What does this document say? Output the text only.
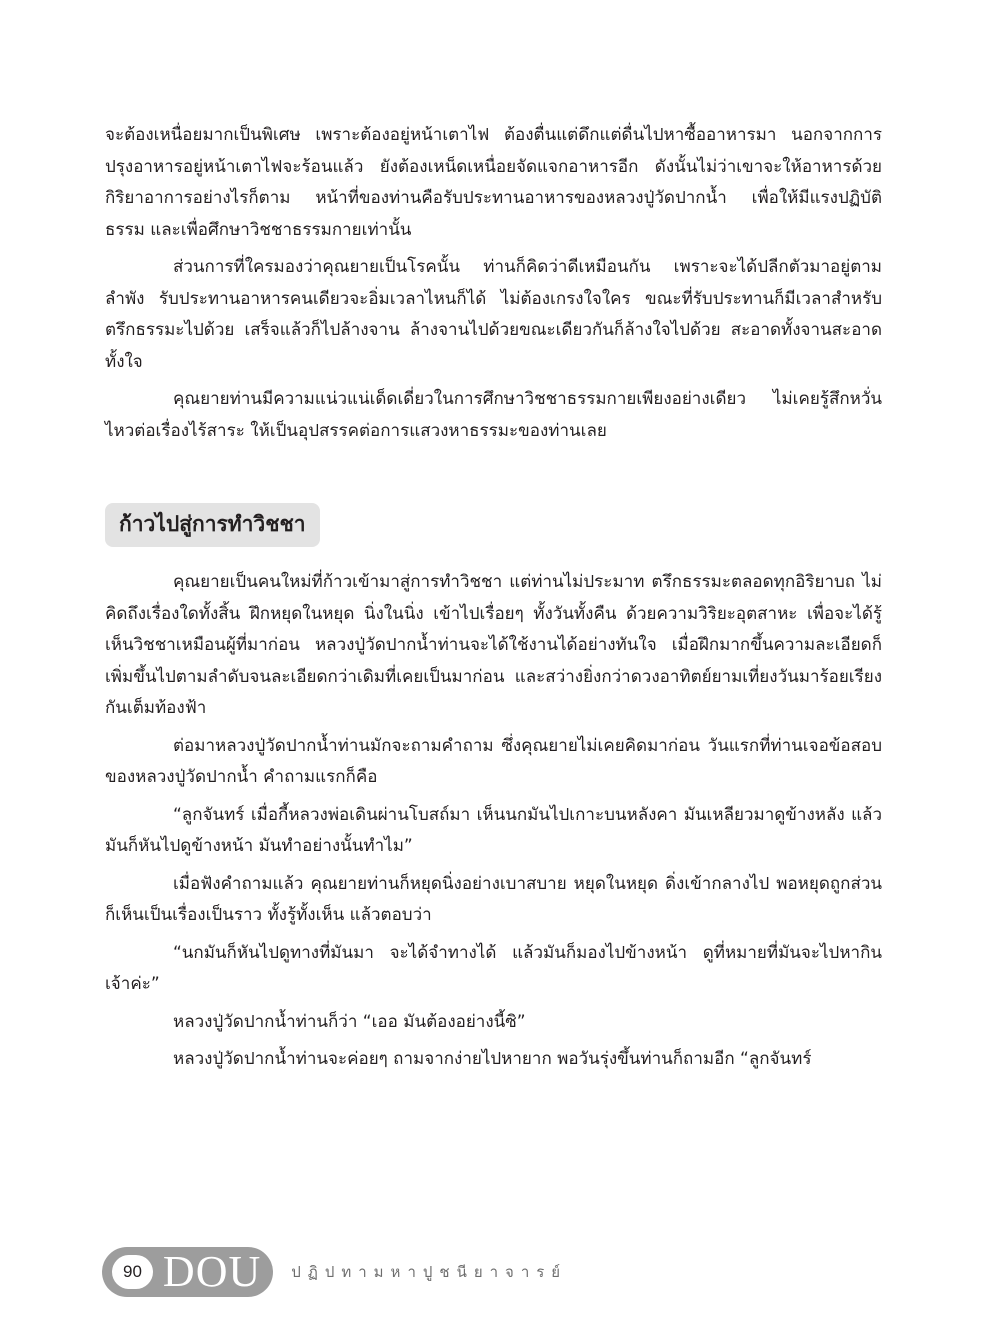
จะต้องเหนื่อยมากเป็นพิเศษ เพราะต้องอยู่หน้าเตาไฟ ต้องตื่นแต่ดึกแต่ดื่นไปหาซื้ออาหารมา นอกจากการปรุงอาหารอยู่หน้าเตาไฟจะร้อนแล้ว ยังต้องเหน็ดเหนื่อยจัดแจกอาหารอีก ดังนั้นไม่ว่าเขาจะให้อาหารด้วยกิริยาอาการอย่างไรก็ตาม หน้าที่ของท่านคือรับประทานอาหารของหลวงปู่วัดปากน้ำ เพื่อให้มีแรงปฏิบัติธรรม และเพื่อศึกษาวิชชาธรรมกายเท่านั้น

ส่วนการที่ใครมองว่าคุณยายเป็นโรคนั้น ท่านก็คิดว่าดีเหมือนกัน เพราะจะได้ปลีกตัวมาอยู่ตามลำพัง รับประทานอาหารคนเดียวจะอิ่มเวลาไหนก็ได้ ไม่ต้องเกรงใจใคร ขณะที่รับประทานก็มีเวลาสำหรับตรึกธรรมะไปด้วย เสร็จแล้วก็ไปล้างจาน ล้างจานไปด้วยขณะเดียวกันก็ล้างใจไปด้วย สะอาดทั้งจานสะอาดทั้งใจ

คุณยายท่านมีความแน่วแน่เด็ดเดี่ยวในการศึกษาวิชชาธรรมกายเพียงอย่างเดียว ไม่เคยรู้สึกหวั่นไหวต่อเรื่องไร้สาระ ให้เป็นอุปสรรคต่อการแสวงหาธรรมะของท่านเลย

ก้าวไปสู่การทำวิชชา

คุณยายเป็นคนใหม่ที่ก้าวเข้ามาสู่การทำวิชชา แต่ท่านไม่ประมาท ตรึกธรรมะตลอดทุกอิริยาบถ ไม่คิดถึงเรื่องใดทั้งสิ้น ฝึกหยุดในหยุด นิ่งในนิ่ง เข้าไปเรื่อยๆ ทั้งวันทั้งคืน ด้วยความวิริยะอุตสาหะ เพื่อจะได้รู้เห็นวิชชาเหมือนผู้ที่มาก่อน หลวงปู่วัดปากน้ำท่านจะได้ใช้งานได้อย่างทันใจ เมื่อฝึกมากขึ้นความละเอียดก็เพิ่มขึ้นไปตามลำดับจนละเอียดกว่าเดิมที่เคยเป็นมาก่อน และสว่างยิ่งกว่าดวงอาทิตย์ยามเที่ยงวันมาร้อยเรียงกันเต็มท้องฟ้า

ต่อมาหลวงปู่วัดปากน้ำท่านมักจะถามคำถาม ซึ่งคุณยายไม่เคยคิดมาก่อน วันแรกที่ท่านเจอข้อสอบของหลวงปู่วัดปากน้ำ คำถามแรกก็คือ

“ลูกจันทร์ เมื่อกี้หลวงพ่อเดินผ่านโบสถ์มา เห็นนกมันไปเกาะบนหลังคา มันเหลียวมาดูข้างหลัง แล้วมันก็หันไปดูข้างหน้า มันทำอย่างนั้นทำไม”

เมื่อฟังคำถามแล้ว คุณยายท่านก็หยุดนิ่งอย่างเบาสบาย หยุดในหยุด ดิ่งเข้ากลางไป พอหยุดถูกส่วนก็เห็นเป็นเรื่องเป็นราว ทั้งรู้ทั้งเห็น แล้วตอบว่า

“นกมันก็หันไปดูทางที่มันมา จะได้จำทางได้ แล้วมันก็มองไปข้างหน้า ดูที่หมายที่มันจะไปหากินเจ้าค่ะ”

หลวงปู่วัดปากน้ำท่านก็ว่า “เออ มันต้องอย่างนี้ซิ”

หลวงปู่วัดปากน้ำท่านจะค่อยๆ ถามจากง่ายไปหายาก พอวันรุ่งขึ้นท่านก็ถามอีก “ลูกจันทร์

90 DOU ปฏิปทามหาปูชนียาจารย์
